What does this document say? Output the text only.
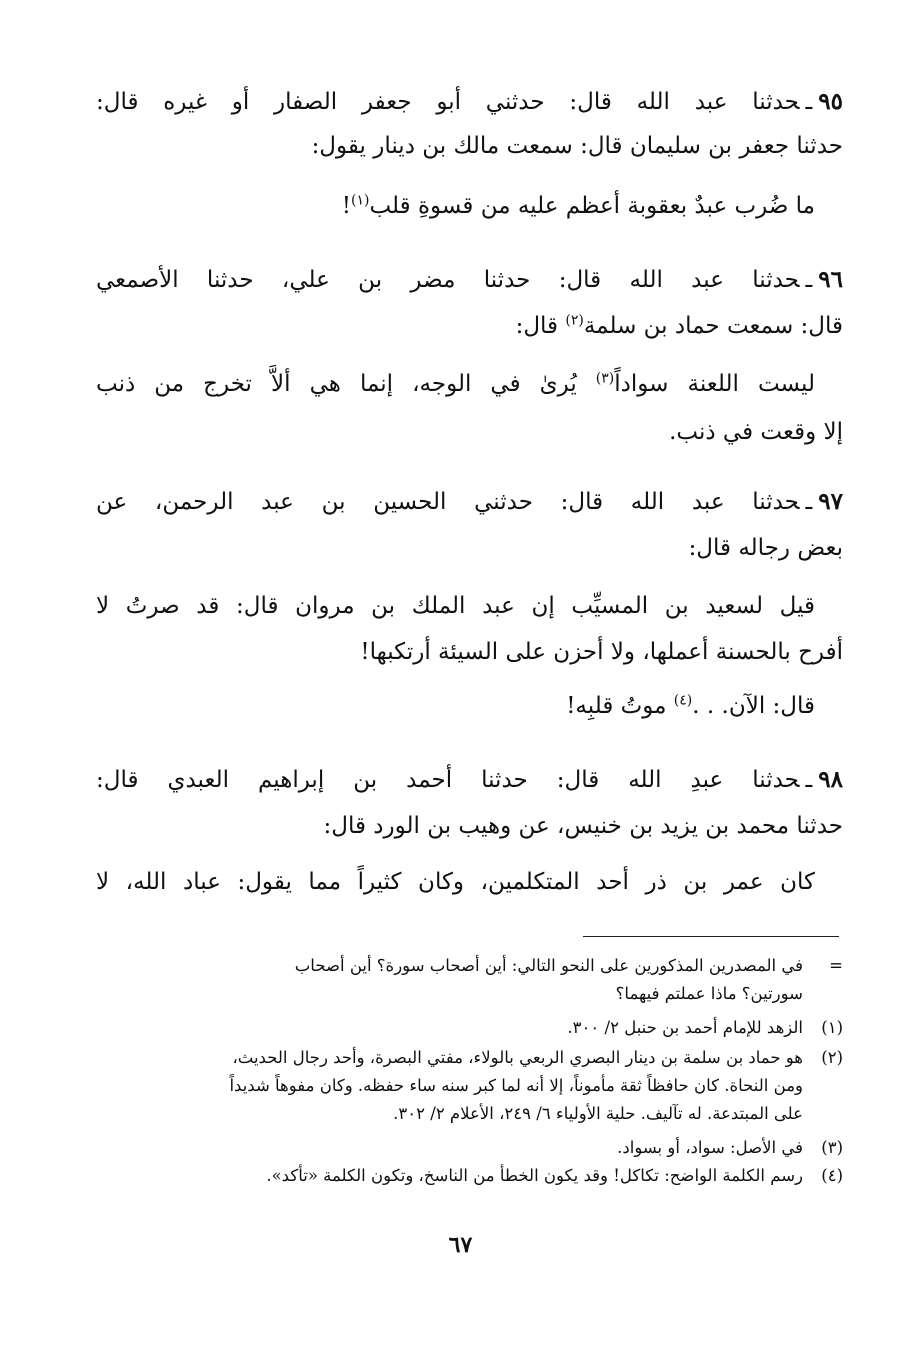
٩٥ـحدثنا عبد الله قال: حدثني أبو جعفر الصفار أو غيره قال:
حدثنا جعفر بن سليمان قال: سمعت مالك بن دينار يقول:
ما ضُرب عبدٌ بعقوبة أعظم عليه من قسوةِ قلب$^{(١)}$!
٩٦ـحدثنا عبد الله قال: حدثنا مضر بن علي، حدثنا الأصمعي
قال: سمعت حماد بن سلمة$^{(٢)}$ قال:
ليست اللعنة سواداً$^{(٣)}$ يُرىٰ في الوجه، إنما هي ألاَّ تخرج من ذنب
إلا وقعت في ذنب.
٩٧ـحدثنا عبد الله قال: حدثني الحسين بن عبد الرحمن، عن
بعض رجاله قال:
قيل لسعيد بن المسيِّب إن عبد الملك بن مروان قال: قد صرتُ لا
أفرح بالحسنة أعملها، ولا أحزن على السيئة أرتكبها!
قال: الآن. . .$^{(٤)}$ موتُ قلبِه!
٩٨ـحدثنا عبدِ الله قال: حدثنا أحمد بن إبراهيم العبدي قال:
حدثنا محمد بن يزيد بن خنيس، عن وهيب بن الورد قال:
كان عمر بن ذر أحد المتكلمين، وكان كثيراً مما يقول: عباد الله، لا
=في المصدرين المذكورين على النحو التالي: أين أصحاب سورة؟ أين أصحاب
سورتين؟ ماذا عملتم فيهما؟
(١)الزهد للإمام أحمد بن حنبل ٢/ ٣٠٠.
(٢)هو حماد بن سلمة بن دينار البصري الربعي بالولاء، مفتي البصرة، وأحد رجال الحديث،
ومن النحاة. كان حافظاً ثقة مأموناً، إلا أنه لما كبر سنه ساء حفظه. وكان مفوهاً شديداً
على المبتدعة. له تآليف. حلية الأولياء ٦/ ٢٤٩، الأعلام ٢/ ٣٠٢.
(٣)في الأصل: سواد، أو بسواد.
(٤)رسم الكلمة الواضح: تكاكل! وقد يكون الخطأ من الناسخ، وتكون الكلمة «تأكد».
٦٧
